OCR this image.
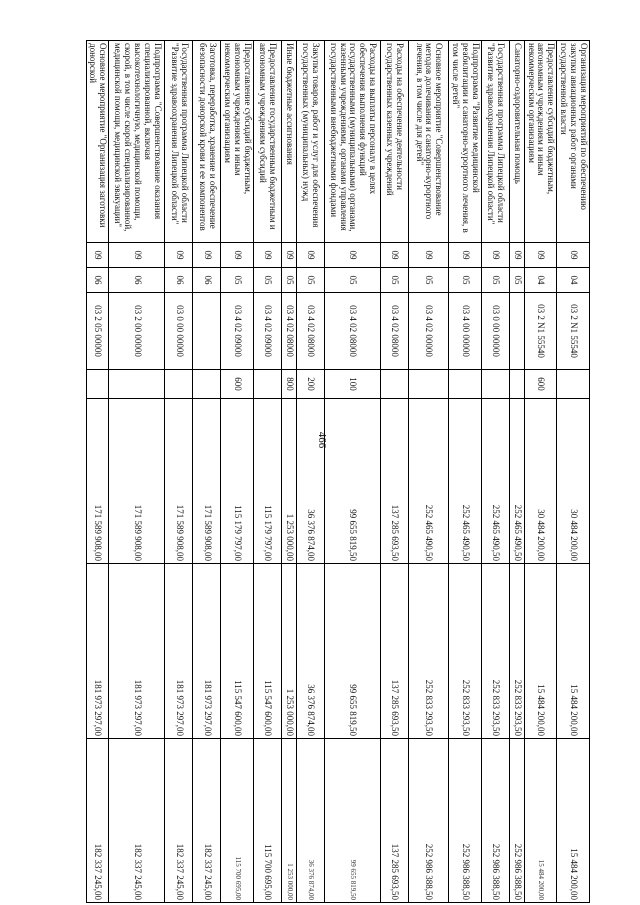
466
Организация мероприятий по обеспечению закупки авиационных работ органами государственной власти	09	04	03 2 N1 55540		30 484 200,00	15 484 200,00	15 484 200,00
Предоставление субсидий бюджетным, автономным учреждениям и иным некоммерческим организациям	09	04	03 2 N1 55540	600	30 484 200,00	15 484 200,00	15 484 200,00
Санаторно-оздоровительная помощь	09	05			252 465 490,50	252 833 293,50	252 986 388,50
Государственная программа Липецкой области "Развитие здравоохранения Липецкой области"	09	05	03 0 00 00000		252 465 490,50	252 833 293,50	252 986 388,50
Подпрограмма "Развитие медицинской реабилитации и санаторно-курортного лечения, в том числе детей"	09	05	03 4 00 00000		252 465 490,50	252 833 293,50	252 986 388,50
Основное мероприятие "Совершенствование методов долечивания и санаторно-курортного лечения, в том числе для детей"	09	05	03 4 02 00000		252 465 490,50	252 833 293,50	252 986 388,50
Расходы на обеспечение деятельности государственных казенных учреждений	09	05	03 4 02 08000		137 285 693,50	137 285 693,50	137 285 693,50
Расходы на выплаты персоналу в целях обеспечения выполнения функций государственными (муниципальными) органами, казенными учреждениями, органами управления государственными внебюджетными фондами	09	05	03 4 02 08000	100	99 655 819,50	99 655 819,50	99 655 819,50
Закупка товаров, работ и услуг для обеспечения государственных (муниципальных) нужд	09	05	03 4 02 08000	200	36 376 874,00	36 376 874,00	36 376 874,00
Иные бюджетные ассигнования	09	05	03 4 02 08000	800	1 253 000,00	1 253 000,00	1 253 000,00
Предоставление государственным бюджетным и автономным учреждениям субсидий	09	05	03 4 02 09000		115 179 797,00	115 547 600,00	115 700 695,00
Предоставление субсидий бюджетным, автономным учреждениям и иным некоммерческим организациям	09	05	03 4 02 09000	600	115 179 797,00	115 547 600,00	115 700 695,00
Заготовка, переработка, хранение и обеспечение безопасности донорской крови и ее компонентов	09	06			171 589 908,00	181 973 297,00	182 337 245,00
Государственная программа Липецкой области "Развитие здравоохранения Липецкой области"	09	06	03 0 00 00000		171 589 908,00	181 973 297,00	182 337 245,00
Подпрограмма "Совершенствование оказания специализированной, включая высокотехнологичную, медицинской помощи, скорой, в том числе скорой специализированной, медицинской помощи, медицинской эвакуации"	09	06	03 2 00 00000		171 589 908,00	181 973 297,00	182 337 245,00
Основное мероприятие "Организация заготовки донорской	09	06	03 2 05 00000		171 589 908,00	181 973 297,00	182 337 245,00
